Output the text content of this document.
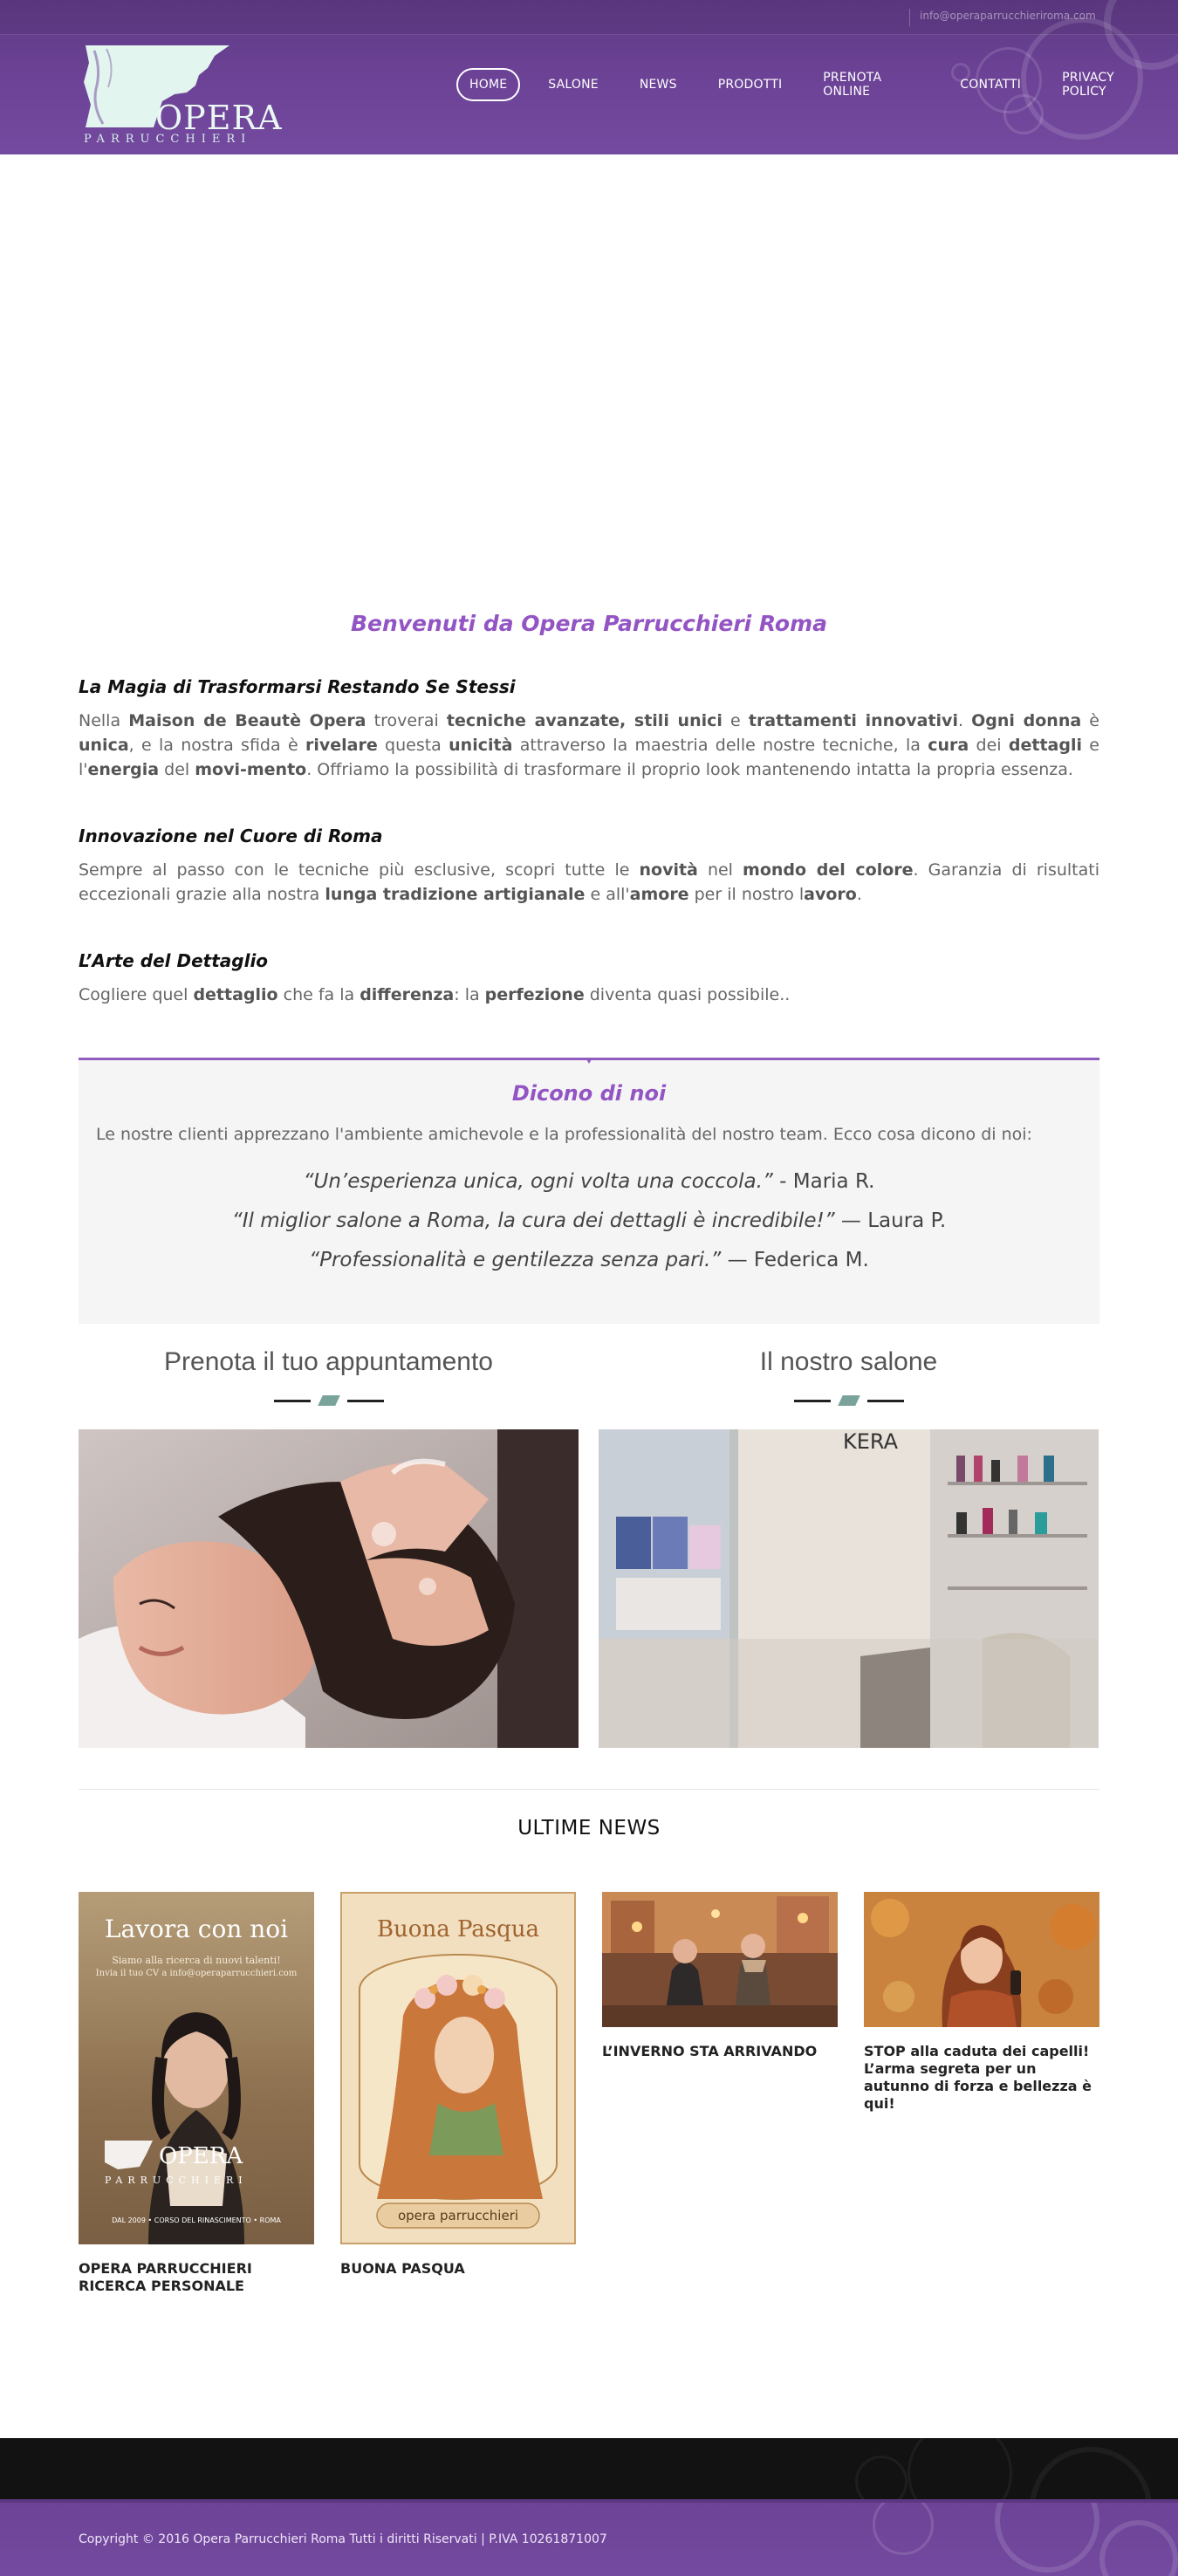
info@operaparrucchieriroma.com
OPERA
PARRUCCHIERI
HOME	SALONE	NEWS	PRODOTTI	PRENOTA ONLINE	CONTATTI	PRIVACY POLICY
Benvenuti da Opera Parrucchieri Roma
La Magia di Trasformarsi Restando Se Stessi

Nella Maison de Beautè Opera troverai tecniche avanzate, stili unici e trattamenti innovativi. Ogni donna è unica, e la nostra sfida è rivelare questa unicità attraverso la maestria delle nostre tecniche, la cura dei dettagli e l'energia del movi-mento. Offriamo la possibilità di trasformare il proprio look mantenendo intatta la propria essenza.

Innovazione nel Cuore di Roma

Sempre al passo con le tecniche più esclusive, scopri tutte le novità nel mondo del colore. Garanzia di risultati eccezionali grazie alla nostra lunga tradizione artigianale e all'amore per il nostro lavoro.

L’Arte del Dettaglio

Cogliere quel dettaglio che fa la differenza: la perfezione diventa quasi possibile..

Dicono di noi

Le nostre clienti apprezzano l'ambiente amichevole e la professionalità del nostro team. Ecco cosa dicono di noi:

“Un’esperienza unica, ogni volta una coccola.” - Maria R.

“Il miglior salone a Roma, la cura dei dettagli è incredibile!” — Laura P.

“Professionalità e gentilezza senza pari.” — Federica M.

Prenota il tuo appuntamento	Il nostro salone
KERA
ULTIME NEWS
Lavora con noi
Siamo alla ricerca di nuovi talenti!
Invia il tuo CV a info@operaparrucchieri.com
OPERA
PARRUCCHIERI
DAL 2009 • CORSO DEL RINASCIMENTO • ROMA
OPERA PARRUCCHIERI RICERCA PERSONALE
Buona Pasqua
opera parrucchieri
BUONA PASQUA
L’INVERNO STA ARRIVANDO	STOP alla caduta dei capelli! L’arma segreta per un autunno di forza e bellezza è qui!
Copyright © 2016 Opera Parrucchieri Roma Tutti i diritti Riservati | P.IVA 10261871007
